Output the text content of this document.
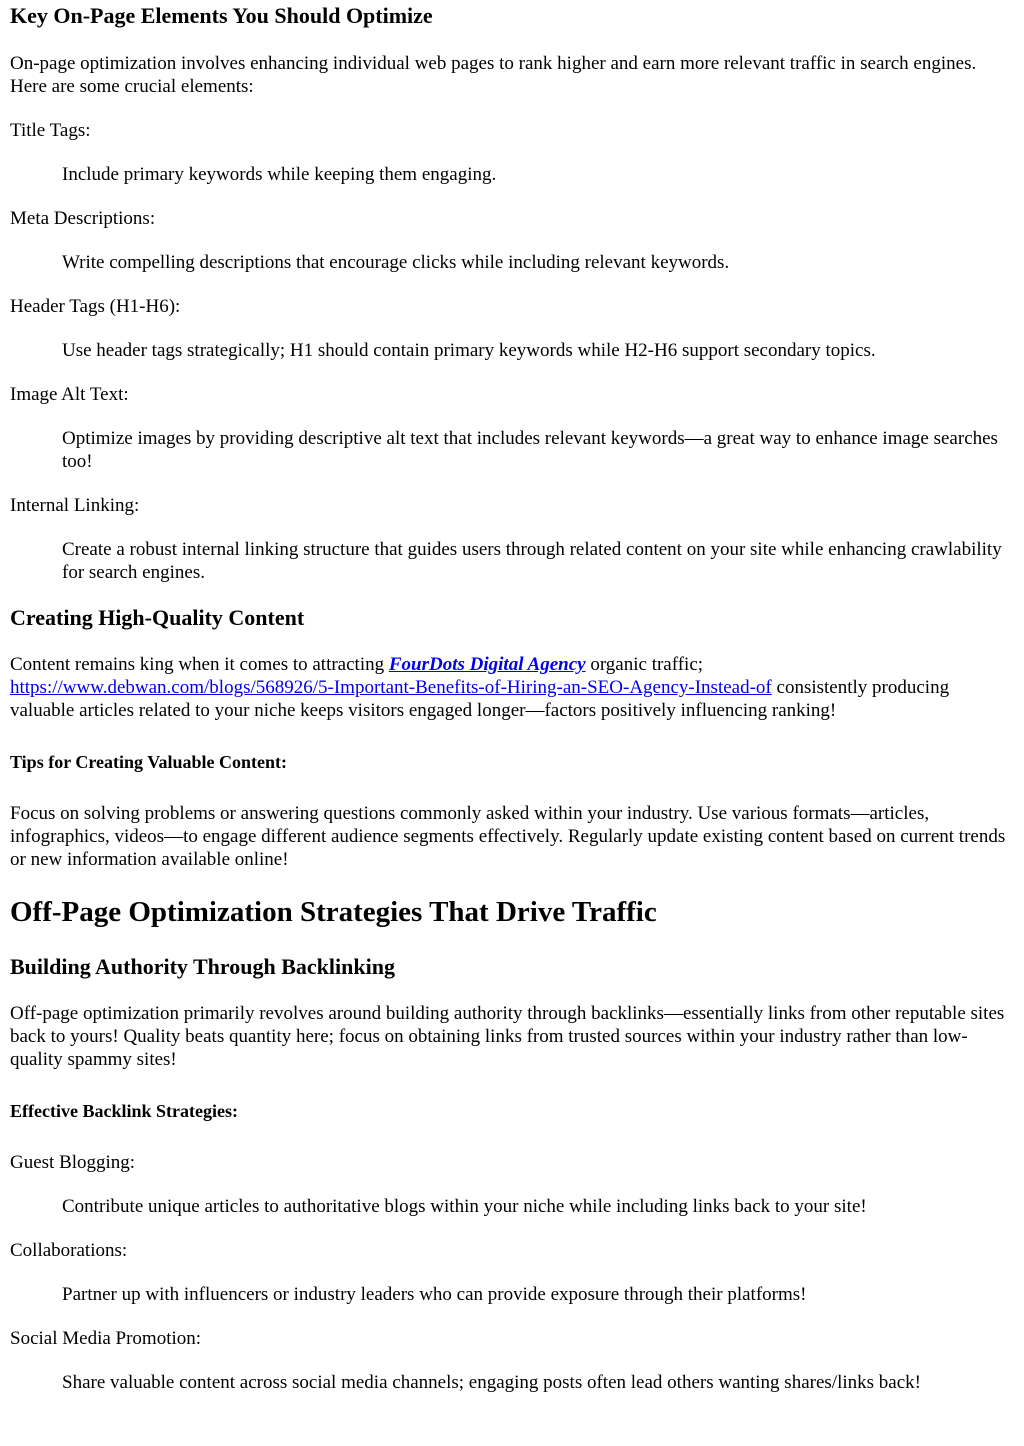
Key On-Page Elements You Should Optimize

On-page optimization involves enhancing individual web pages to rank higher and earn more relevant traffic in search engines. Here are some crucial elements:

Title Tags:
Include primary keywords while keeping them engaging.
Meta Descriptions:
Write compelling descriptions that encourage clicks while including relevant keywords.
Header Tags (H1-H6):
Use header tags strategically; H1 should contain primary keywords while H2-H6 support secondary topics.
Image Alt Text:
Optimize images by providing descriptive alt text that includes relevant keywords—a great way to enhance image searches too!
Internal Linking:
Create a robust internal linking structure that guides users through related content on your site while enhancing crawlability for search engines.
Creating High-Quality Content

Content remains king when it comes to attracting FourDots Digital Agency organic traffic; https://www.debwan.com/blogs/568926/5-Important-Benefits-of-Hiring-an-SEO-Agency-Instead-of consistently producing valuable articles related to your niche keeps visitors engaged longer—factors positively influencing ranking!

Tips for Creating Valuable Content:

Focus on solving problems or answering questions commonly asked within your industry. Use various formats—articles, infographics, videos—to engage different audience segments effectively. Regularly update existing content based on current trends or new information available online!

Off-Page Optimization Strategies That Drive Traffic
Building Authority Through Backlinking

Off-page optimization primarily revolves around building authority through backlinks—essentially links from other reputable sites back to yours! Quality beats quantity here; focus on obtaining links from trusted sources within your industry rather than low-quality spammy sites!

Effective Backlink Strategies:
Guest Blogging:
Contribute unique articles to authoritative blogs within your niche while including links back to your site!
Collaborations:
Partner up with influencers or industry leaders who can provide exposure through their platforms!
Social Media Promotion:
Share valuable content across social media channels; engaging posts often lead others wanting shares/links back!
